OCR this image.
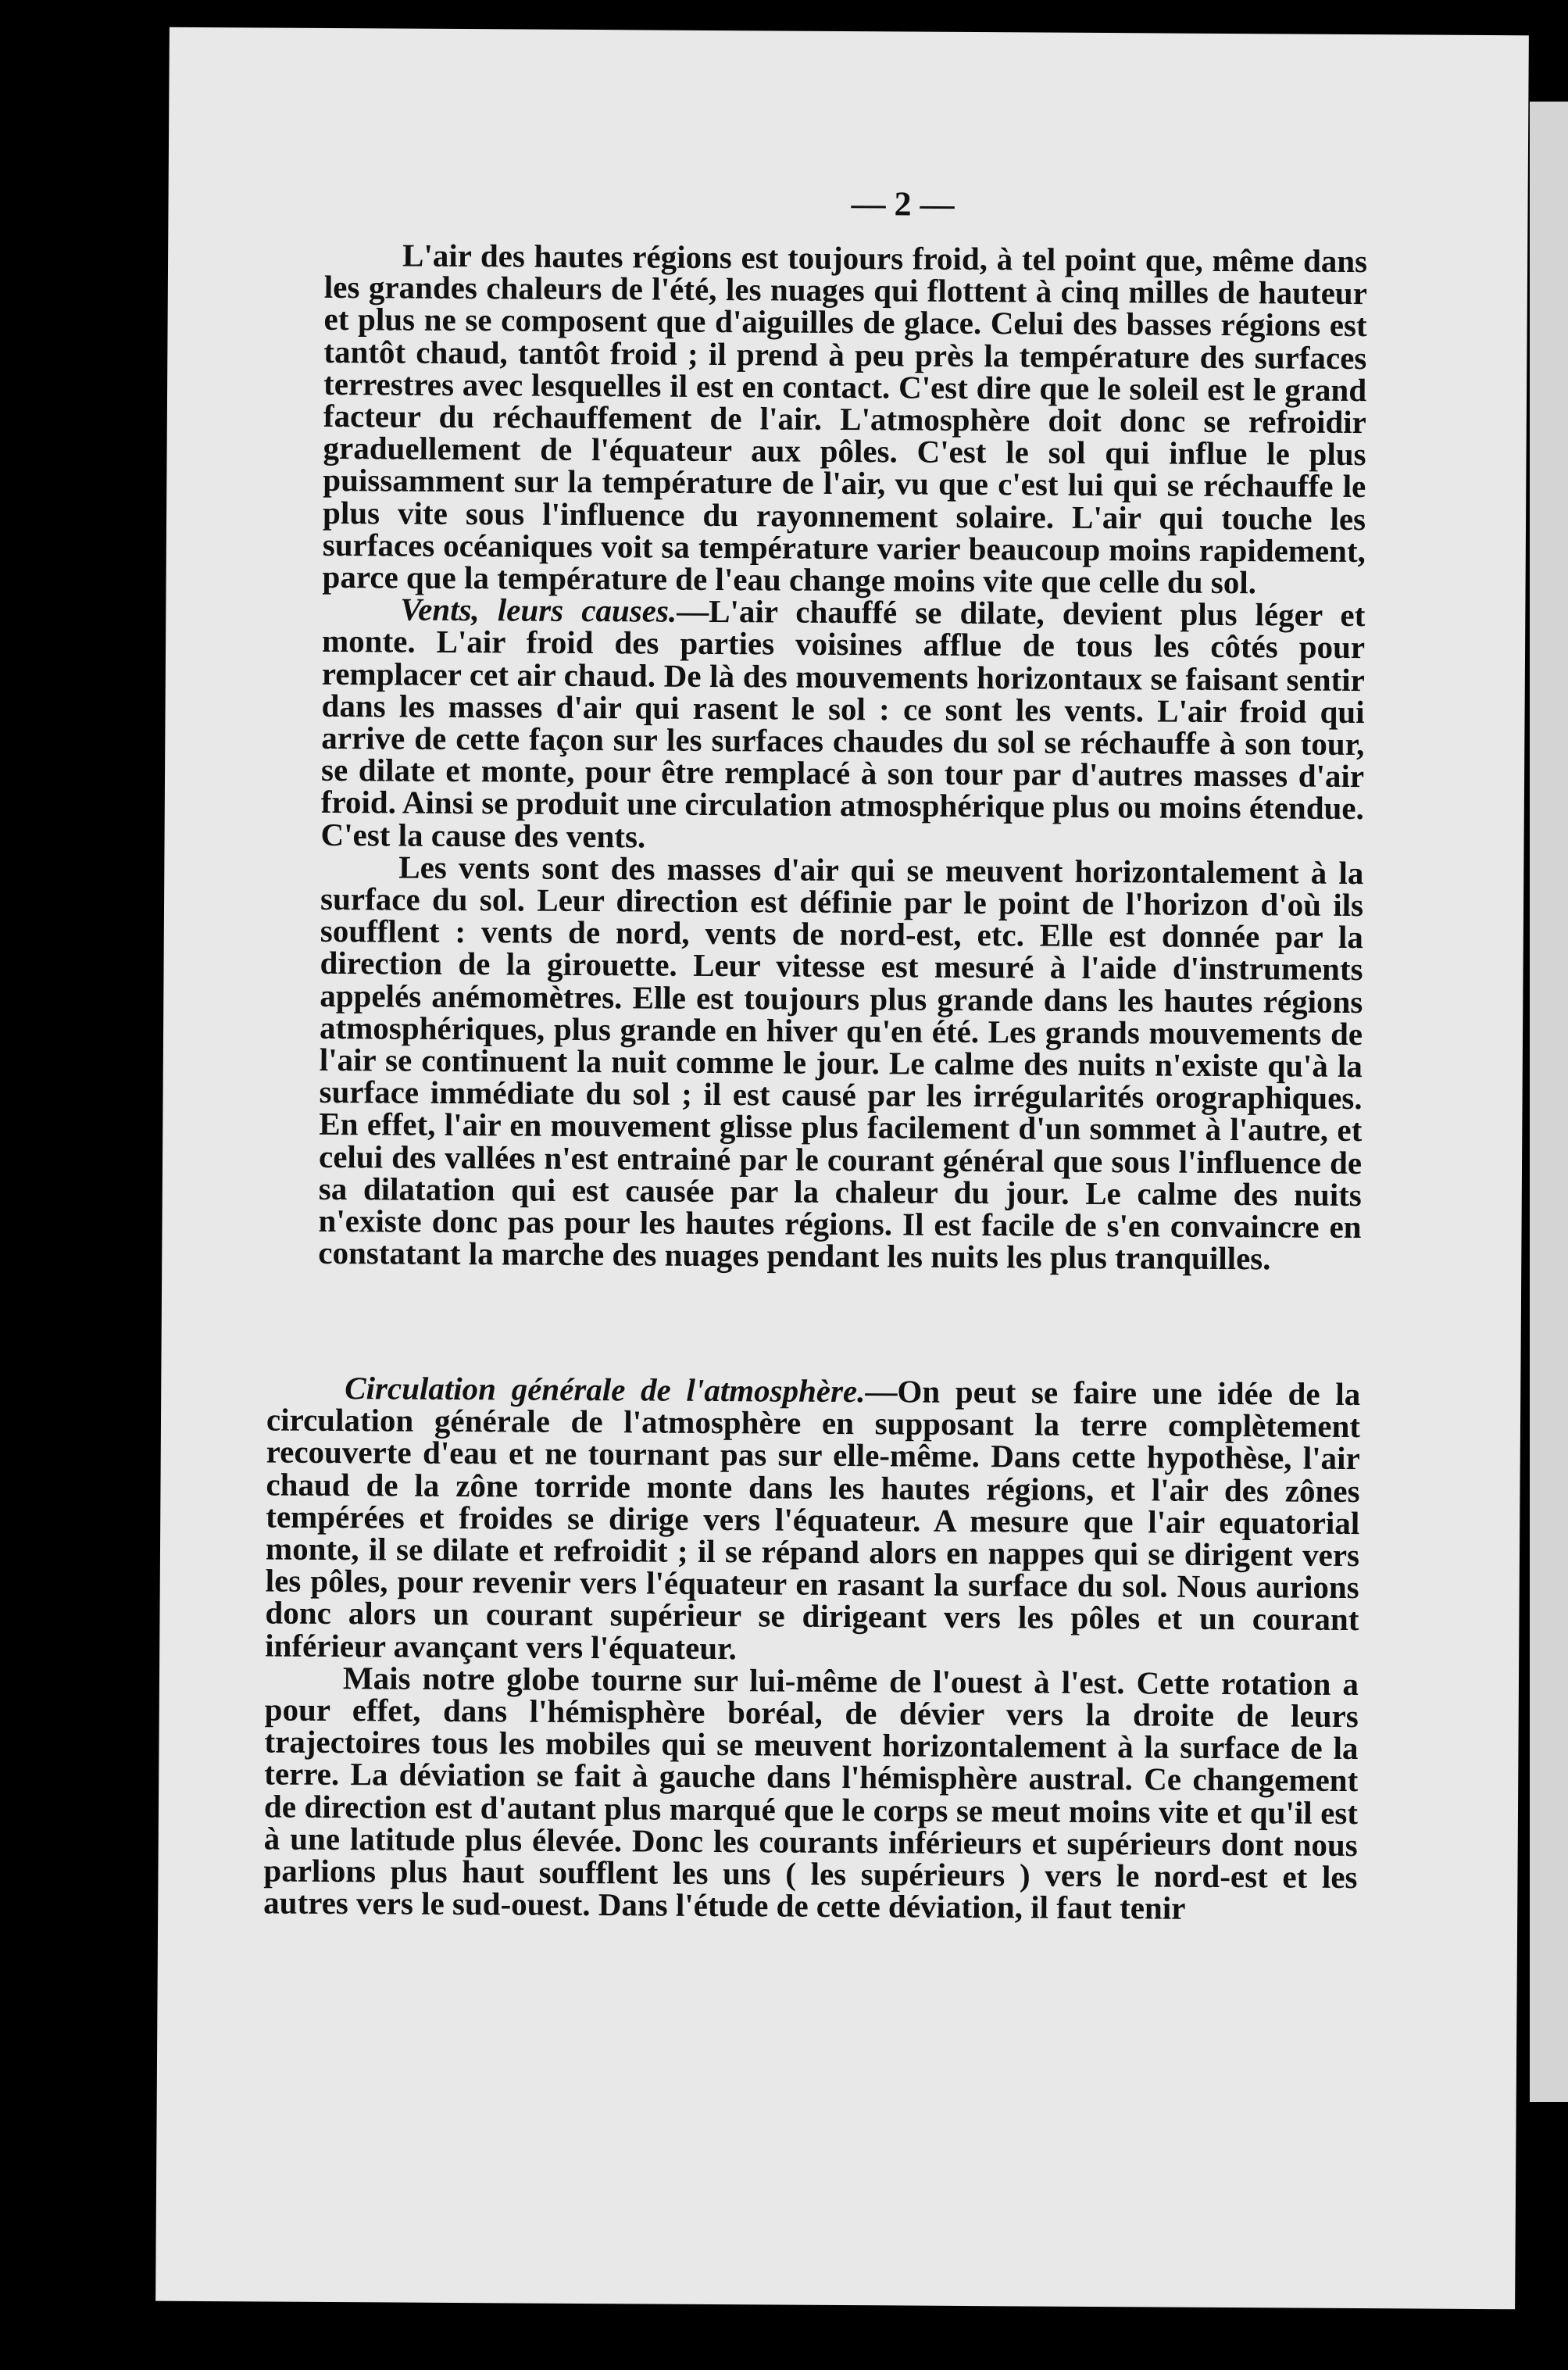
— 2 —

L'air des hautes régions est toujours froid, à tel point que, même dans les grandes chaleurs de l'été, les nuages qui flottent à cinq milles de hauteur et plus ne se composent que d'aiguilles de glace. Celui des basses régions est tantôt chaud, tantôt froid ; il prend à peu près la température des surfaces terrestres avec lesquelles il est en contact. C'est dire que le soleil est le grand facteur du réchauffement de l'air. L'atmosphère doit donc se refroidir graduellement de l'équateur aux pôles. C'est le sol qui influe le plus puissamment sur la température de l'air, vu que c'est lui qui se réchauffe le plus vite sous l'influence du rayonnement solaire. L'air qui touche les surfaces océaniques voit sa température varier beaucoup moins rapidement, parce que la température de l'eau change moins vite que celle du sol.

Vents, leurs causes.—L'air chauffé se dilate, devient plus léger et monte. L'air froid des parties voisines afflue de tous les côtés pour remplacer cet air chaud. De là des mouvements horizontaux se faisant sentir dans les masses d'air qui rasent le sol : ce sont les vents. L'air froid qui arrive de cette façon sur les surfaces chaudes du sol se réchauffe à son tour, se dilate et monte, pour être remplacé à son tour par d'autres masses d'air froid. Ainsi se produit une circulation atmosphérique plus ou moins étendue. C'est la cause des vents.

Les vents sont des masses d'air qui se meuvent horizontalement à la surface du sol. Leur direction est définie par le point de l'horizon d'où ils soufflent : vents de nord, vents de nord-est, etc. Elle est donnée par la direction de la girouette. Leur vitesse est mesuré à l'aide d'instruments appelés anémomètres. Elle est toujours plus grande dans les hautes régions atmosphériques, plus grande en hiver qu'en été. Les grands mouvements de l'air se continuent la nuit comme le jour. Le calme des nuits n'existe qu'à la surface immédiate du sol ; il est causé par les irrégularités orographiques. En effet, l'air en mouvement glisse plus facilement d'un sommet à l'autre, et celui des vallées n'est entrainé par le courant général que sous l'influence de sa dilatation qui est causée par la chaleur du jour. Le calme des nuits n'existe donc pas pour les hautes régions. Il est facile de s'en convaincre en constatant la marche des nuages pendant les nuits les plus tranquilles.

Circulation générale de l'atmosphère.—On peut se faire une idée de la circulation générale de l'atmosphère en supposant la terre complètement recouverte d'eau et ne tournant pas sur elle-même. Dans cette hypothèse, l'air chaud de la zône torride monte dans les hautes régions, et l'air des zônes tempérées et froides se dirige vers l'équateur. A mesure que l'air equatorial monte, il se dilate et refroidit ; il se répand alors en nappes qui se dirigent vers les pôles, pour revenir vers l'équateur en rasant la surface du sol. Nous aurions donc alors un courant supérieur se dirigeant vers les pôles et un courant inférieur avançant vers l'équateur.

Mais notre globe tourne sur lui-même de l'ouest à l'est. Cette rotation a pour effet, dans l'hémisphère boréal, de dévier vers la droite de leurs trajectoires tous les mobiles qui se meuvent horizontalement à la surface de la terre. La déviation se fait à gauche dans l'hémisphère austral. Ce changement de direction est d'autant plus marqué que le corps se meut moins vite et qu'il est à une latitude plus élevée. Donc les courants inférieurs et supérieurs dont nous parlions plus haut soufflent les uns ( les supérieurs ) vers le nord-est et les autres vers le sud-ouest. Dans l'étude de cette déviation, il faut tenir
